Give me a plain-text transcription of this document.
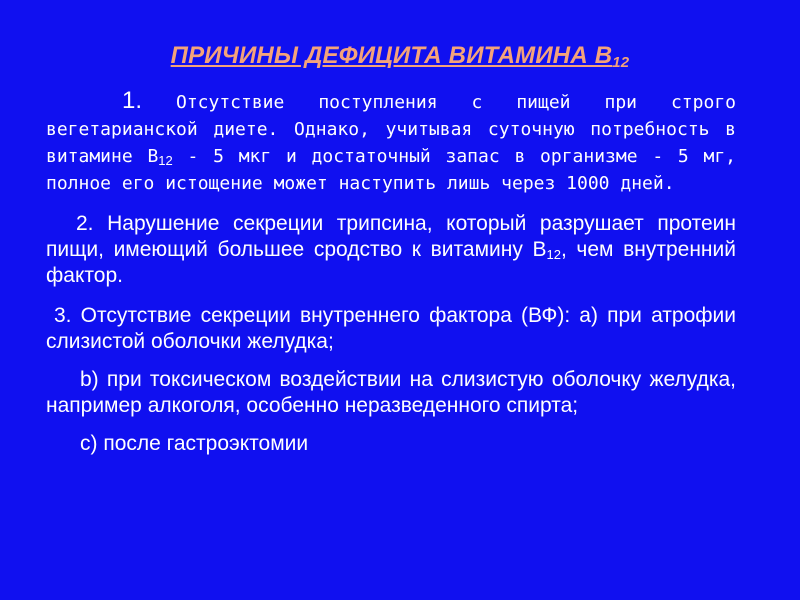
ПРИЧИНЫ ДЕФИЦИТА ВИТАМИНА $В_{12}$

1. Отсутствие поступления с пищей при строго вегетарианской диете. Однако, учитывая суточную потребность в витамине $В_{12} - 5$ мкг и достаточный запас в организме - 5 мг, полное его истощение может наступить лишь через 1000 дней.

2. Нарушение секреции трипсина, который разрушает протеин пищи, имеющий большее сродство к витамину $В_{12}$, чем внутренний фактор.

3. Отсутствие секреции внутреннего фактора (ВФ): а) при атрофии слизистой оболочки желудка;

b) при токсическом воздействии на слизистую оболочку желудка, например алкоголя, особенно неразведенного спирта;

с) после гастроэктомии
